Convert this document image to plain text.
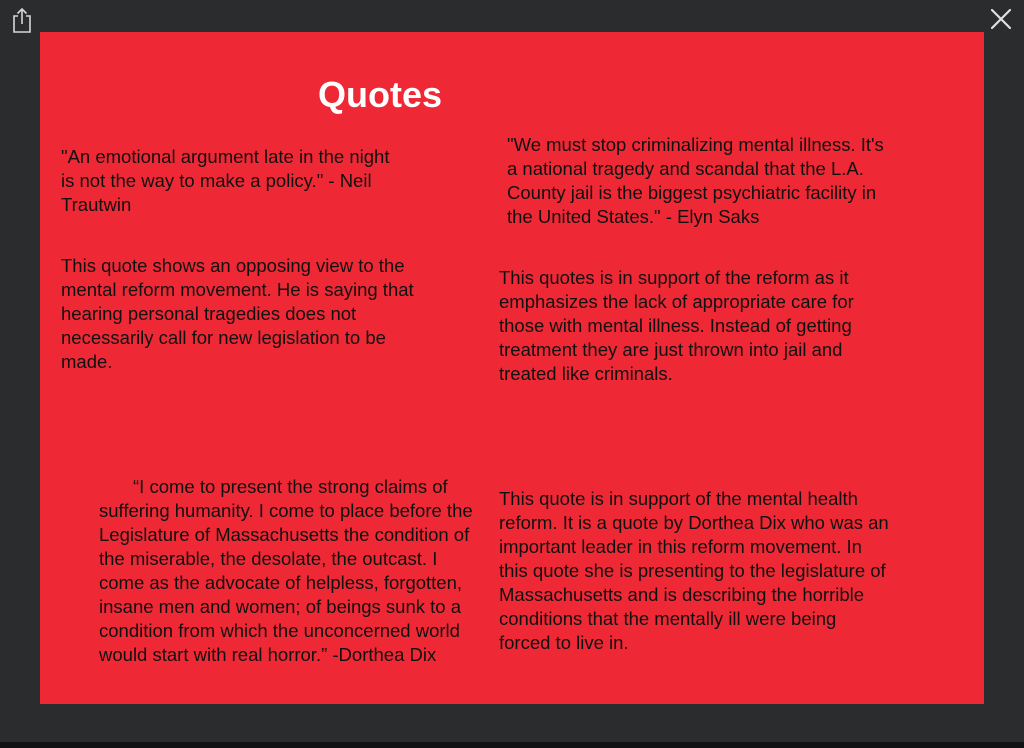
Quotes

"An emotional argument late in the night is not the way to make a policy." - Neil Trautwin

"We must stop criminalizing mental illness. It's a national tragedy and scandal that the L.A. County jail is the biggest psychiatric facility in the United States." - Elyn Saks

This quote shows an opposing view to the mental reform movement. He is saying that hearing personal tragedies does not necessarily call for new legislation to be made.

This quotes is in support of the reform as it emphasizes the lack of appropriate care for those with mental illness. Instead of getting treatment they are just thrown into jail and treated like criminals.

“I come to present the strong claims of suffering humanity. I come to place before the Legislature of Massachusetts the condition of the miserable, the desolate, the outcast. I come as the advocate of helpless, forgotten, insane men and women; of beings sunk to a condition from which the unconcerned world would start with real horror.” -Dorthea Dix

This quote is in support of the mental health reform. It is a quote by Dorthea Dix who was an important leader in this reform movement. In this quote she is presenting to the legislature of Massachusetts and is describing the horrible conditions that the mentally ill were being forced to live in.
